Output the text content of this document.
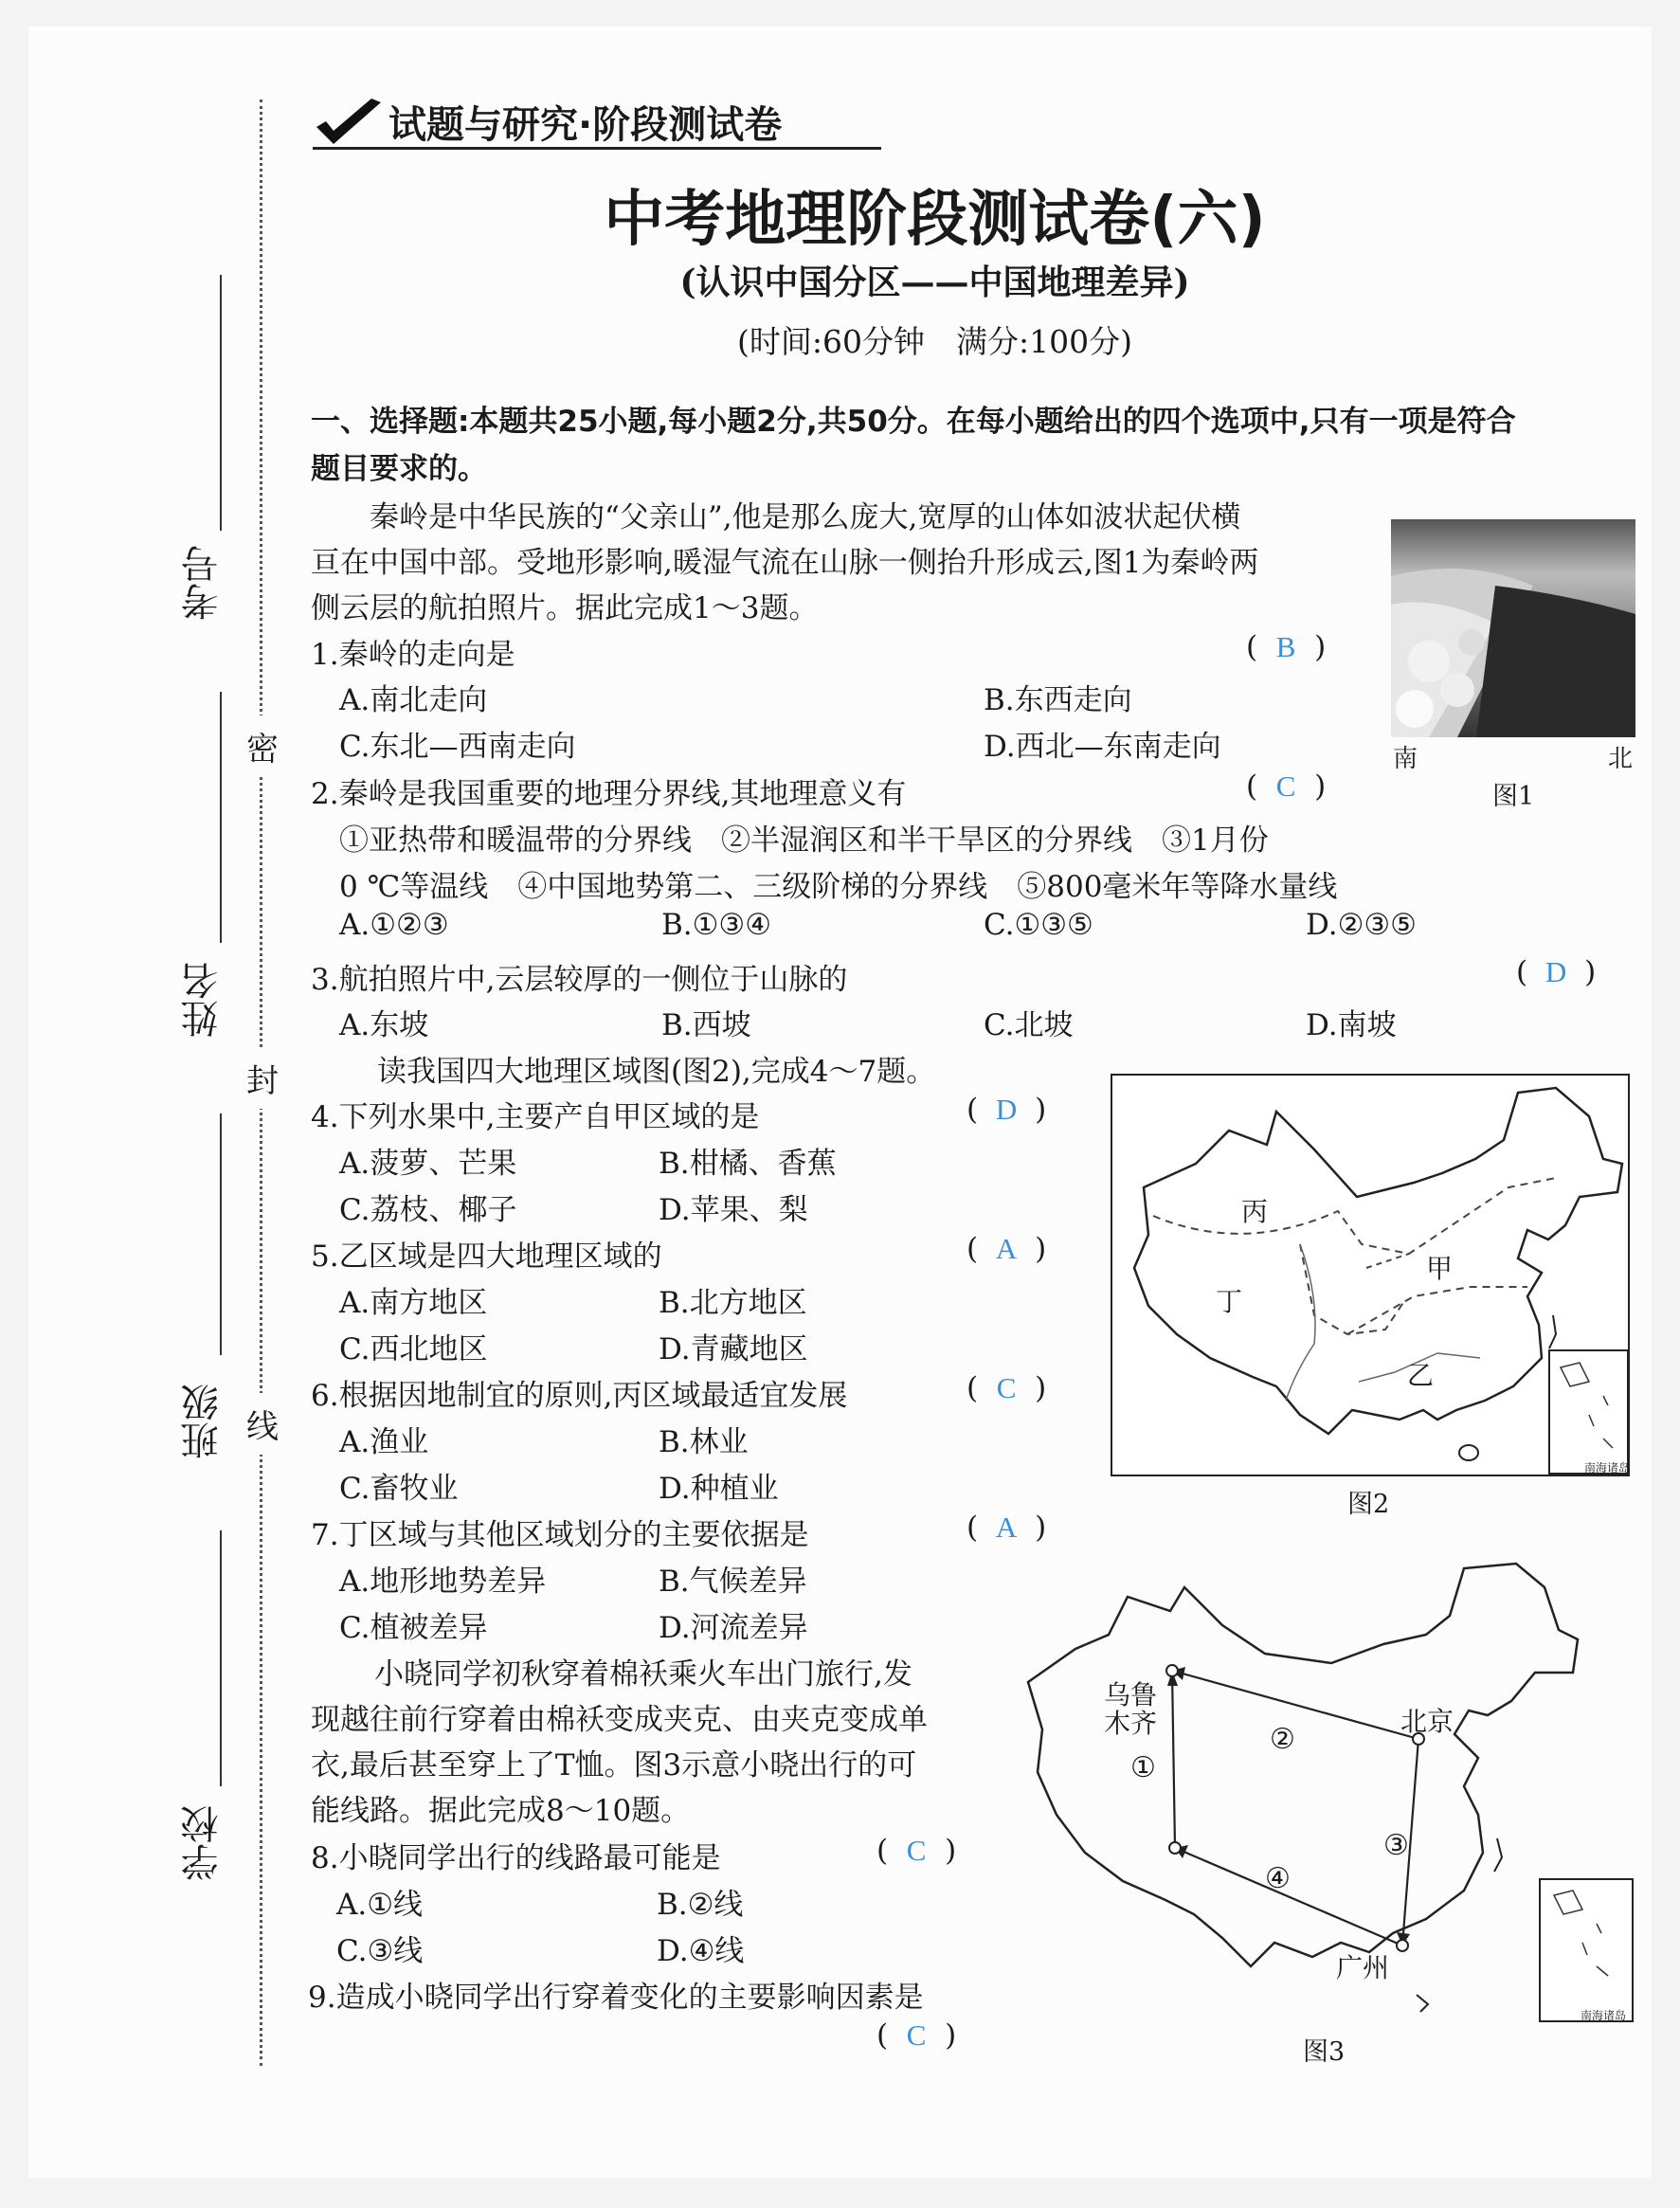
密
封
线
考号
姓名
班级
学校
试题与研究·阶段测试卷
中考地理阶段测试卷(六)
(认识中国分区——中国地理差异)
(时间:60分钟　满分:100分)
一、选择题:本题共25小题,每小题2分,共50分。在每小题给出的四个选项中,只有一项是符合
题目要求的。
秦岭是中华民族的“父亲山”,他是那么庞大,宽厚的山体如波状起伏横
亘在中国中部。受地形影响,暖湿气流在山脉一侧抬升形成云,图1为秦岭两
侧云层的航拍照片。据此完成1～3题。
1.秦岭的走向是	( B )
A.南北走向	B.东西走向
C.东北—西南走向	D.西北—东南走向	南	北
图1
2.秦岭是我国重要的地理分界线,其地理意义有	( C )
①亚热带和暖温带的分界线　②半湿润区和半干旱区的分界线　③1月份
0 ℃等温线　④中国地势第二、三级阶梯的分界线　⑤800毫米年等降水量线
A.①②③	B.①③④	C.①③⑤	D.②③⑤
3.航拍照片中,云层较厚的一侧位于山脉的	( D )
A.东坡	B.西坡	C.北坡	D.南坡
读我国四大地理区域图(图2),完成4～7题。
4.下列水果中,主要产自甲区域的是	( D )
A.菠萝、芒果	B.柑橘、香蕉
C.荔枝、椰子	D.苹果、梨
5.乙区域是四大地理区域的	( A )
A.南方地区	B.北方地区
C.西北地区	D.青藏地区
6.根据因地制宜的原则,丙区域最适宜发展	( C )
A.渔业	B.林业
C.畜牧业	D.种植业
7.丁区域与其他区域划分的主要依据是	( A )
A.地形地势差异	B.气候差异
C.植被差异	D.河流差异
丙
甲
丁
乙
南海诸岛
图2
小晓同学初秋穿着棉袄乘火车出门旅行,发
现越往前行穿着由棉袄变成夹克、由夹克变成单
衣,最后甚至穿上了T恤。图3示意小晓出行的可
能线路。据此完成8～10题。
8.小晓同学出行的线路最可能是	( C )
A.①线	B.②线
C.③线	D.④线
9.造成小晓同学出行穿着变化的主要影响因素是
( C )
乌鲁
木齐	北京
广州
①
②
③
④
南海诸岛
图3
